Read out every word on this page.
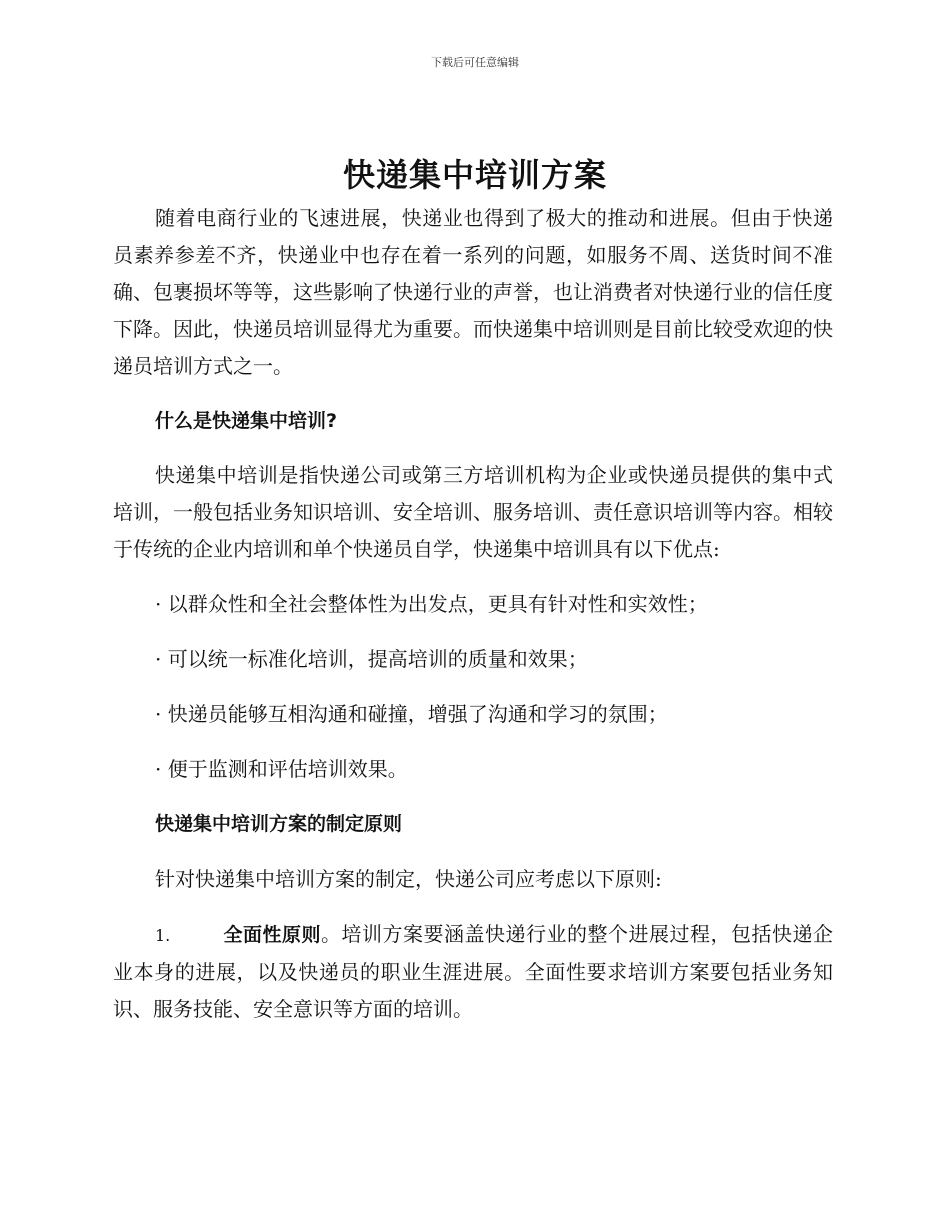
下载后可任意编辑
快递集中培训方案

随着电商行业的飞速进展，快递业也得到了极大的推动和进展。但由于快递员素养参差不齐，快递业中也存在着一系列的问题，如服务不周、送货时间不准确、包裹损坏等等，这些影响了快递行业的声誉，也让消费者对快递行业的信任度下降。因此，快递员培训显得尤为重要。而快递集中培训则是目前比较受欢迎的快递员培训方式之一。

什么是快递集中培训?

快递集中培训是指快递公司或第三方培训机构为企业或快递员提供的集中式培训，一般包括业务知识培训、安全培训、服务培训、责任意识培训等内容。相较于传统的企业内培训和单个快递员自学，快递集中培训具有以下优点:

· 以群众性和全社会整体性为出发点，更具有针对性和实效性；

· 可以统一标准化培训，提高培训的质量和效果；

· 快递员能够互相沟通和碰撞，增强了沟通和学习的氛围；

· 便于监测和评估培训效果。

快递集中培训方案的制定原则

针对快递集中培训方案的制定，快递公司应考虑以下原则:

1.	全面性原则。培训方案要涵盖快递行业的整个进展过程，包括快递企业本身的进展，以及快递员的职业生涯进展。全面性要求培训方案要包括业务知识、服务技能、安全意识等方面的培训。
